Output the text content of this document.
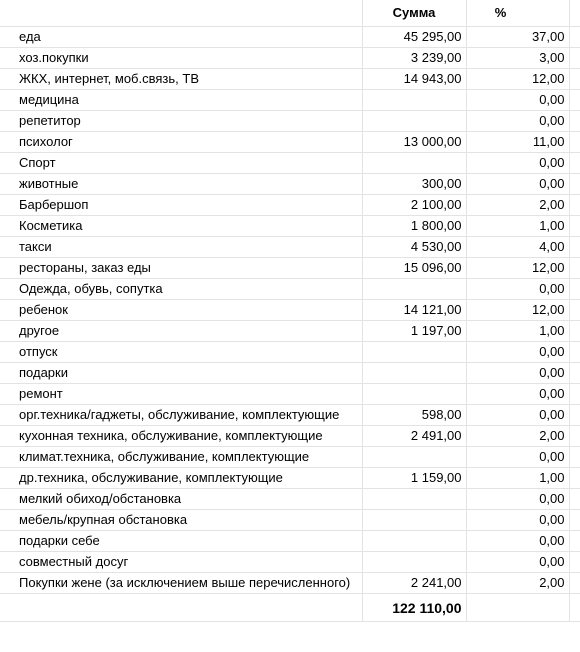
	Сумма	%	
еда	45 295,00	37,00	
хоз.покупки	3 239,00	3,00	
ЖКХ, интернет, моб.связь, ТВ	14 943,00	12,00	
медицина		0,00	
репетитор		0,00	
психолог	13 000,00	11,00	
Спорт		0,00	
животные	300,00	0,00	
Барбершоп	2 100,00	2,00	
Косметика	1 800,00	1,00	
такси	4 530,00	4,00	
рестораны, заказ еды	15 096,00	12,00	
Одежда, обувь, сопутка		0,00	
ребенок	14 121,00	12,00	
другое	1 197,00	1,00	
отпуск		0,00	
подарки		0,00	
ремонт		0,00	
орг.техника/гаджеты, обслуживание, комплектующие	598,00	0,00	
кухонная техника, обслуживание, комплектующие	2 491,00	2,00	
климат.техника, обслуживание, комплектующие		0,00	
др.техника, обслуживание, комплектующие	1 159,00	1,00	
мелкий обиход/обстановка		0,00	
мебель/крупная обстановка		0,00	
подарки себе		0,00	
совместный досуг		0,00	
Покупки жене (за исключением выше перечисленного)	2 241,00	2,00	
	122 110,00		
